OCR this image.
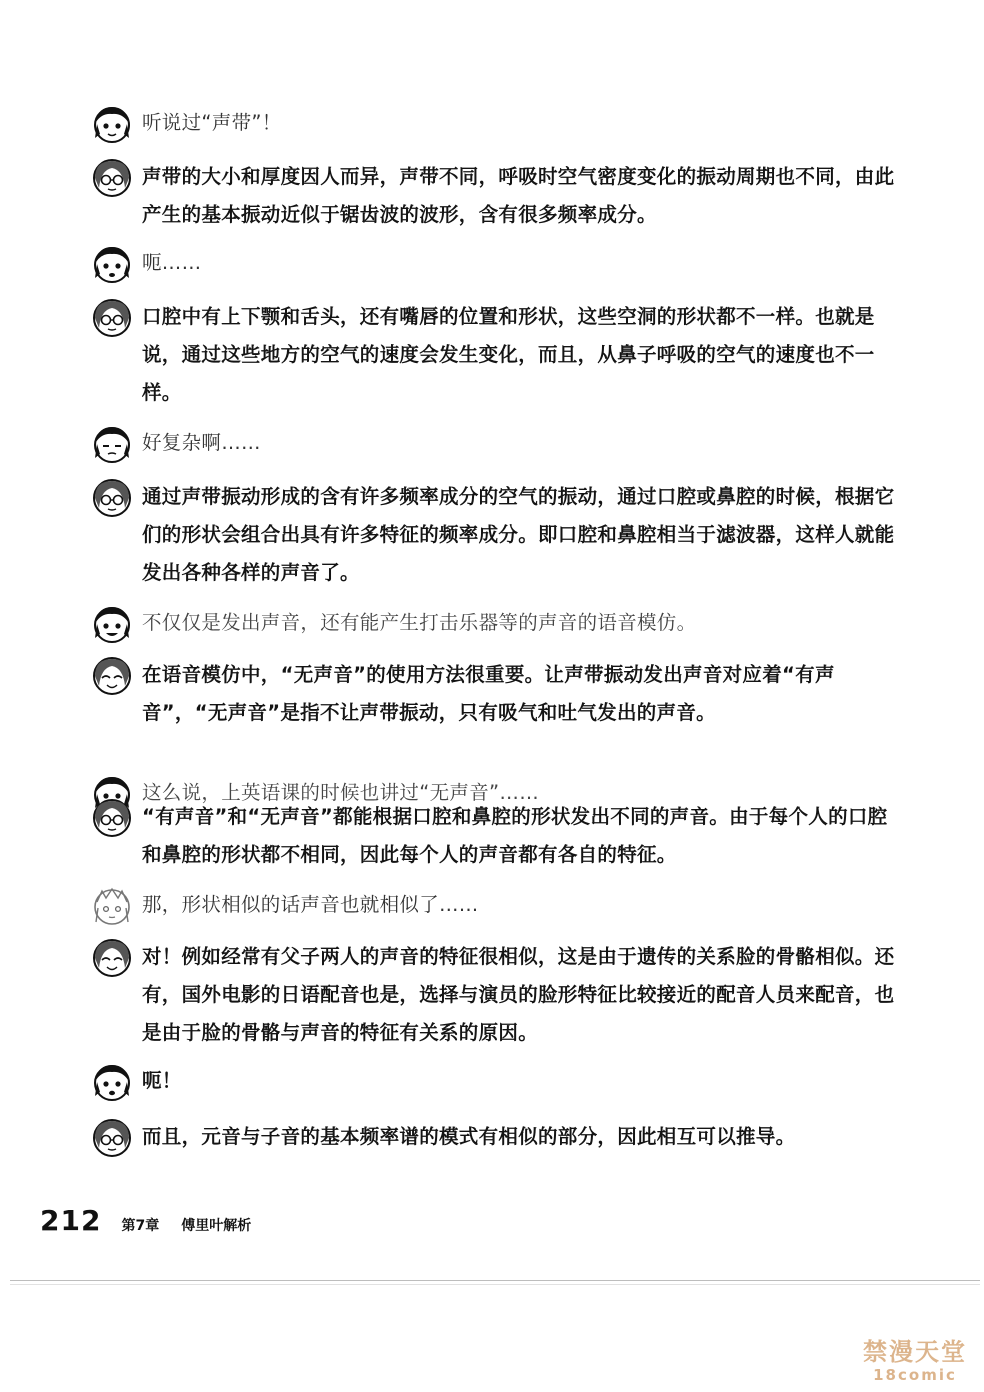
听说过“声带”！
声带的大小和厚度因人而异，声带不同，呼吸时空气密度变化的振动周期也不同，由此产生的基本振动近似于锯齿波的波形，含有很多频率成分。
呃……
口腔中有上下颚和舌头，还有嘴唇的位置和形状，这些空洞的形状都不一样。也就是说，通过这些地方的空气的速度会发生变化，而且，从鼻子呼吸的空气的速度也不一样。
好复杂啊……
通过声带振动形成的含有许多频率成分的空气的振动，通过口腔或鼻腔的时候，根据它们的形状会组合出具有许多特征的频率成分。即口腔和鼻腔相当于滤波器，这样人就能发出各种各样的声音了。
不仅仅是发出声音，还有能产生打击乐器等的声音的语音模仿。
在语音模仿中，“无声音”的使用方法很重要。让声带振动发出声音对应着“有声音”，“无声音”是指不让声带振动，只有吸气和吐气发出的声音。
这么说，上英语课的时候也讲过“无声音”……
“有声音”和“无声音”都能根据口腔和鼻腔的形状发出不同的声音。由于每个人的口腔和鼻腔的形状都不相同，因此每个人的声音都有各自的特征。
那，形状相似的话声音也就相似了……
对！例如经常有父子两人的声音的特征很相似，这是由于遗传的关系脸的骨骼相似。还有，国外电影的日语配音也是，选择与演员的脸形特征比较接近的配音人员来配音，也是由于脸的骨骼与声音的特征有关系的原因。
呃！
而且，元音与子音的基本频率谱的模式有相似的部分，因此相互可以推导。
212 第7章 傅里叶解析
禁漫天堂
18comic
